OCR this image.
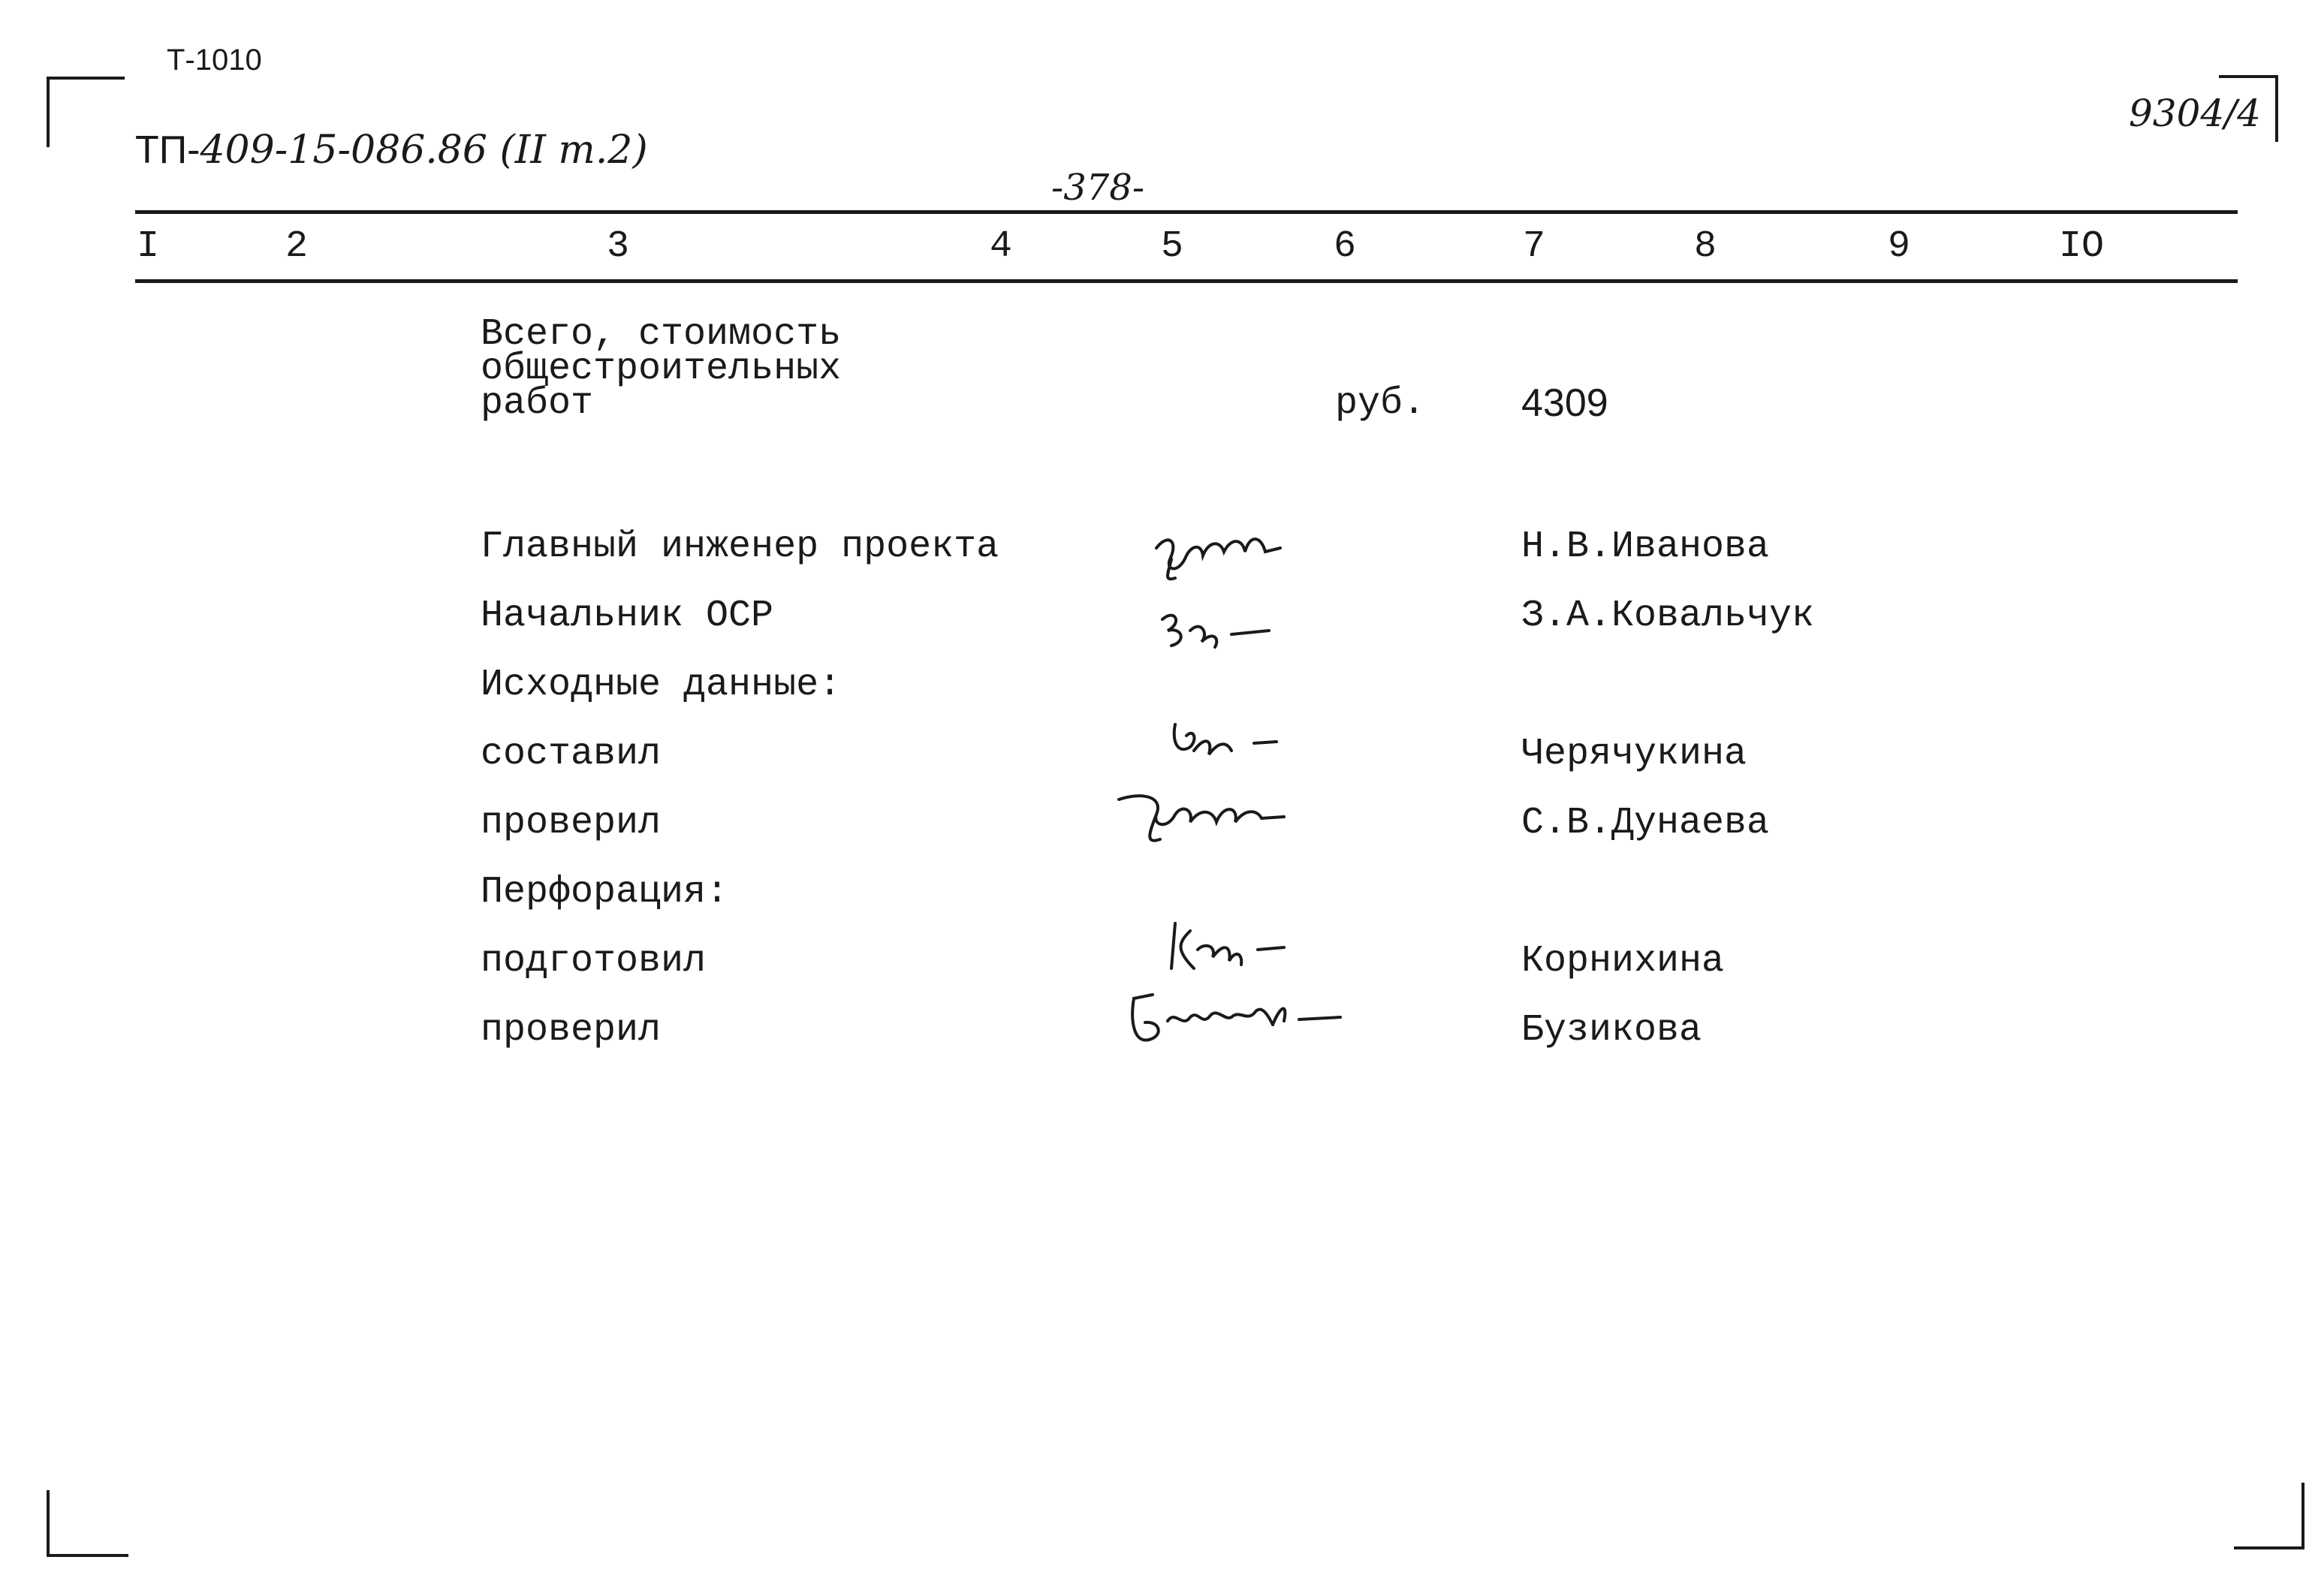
Т-1010
ТП-409-15-086.86 (ІІ т.2)
-378-
9304/4
I	2	3	4	5	6	7	8	9	IO
Всего, стоимость
общестроительных
работ	руб. 4309
Главный инженер проекта	Н.В.Иванова
Начальник ОСР	З.А.Ковальчук
Исходные данные:
составил	Черячукина
проверил	С.В.Дунаева
Перфорация:
подготовил	Корнихина
проверил	Бузикова
